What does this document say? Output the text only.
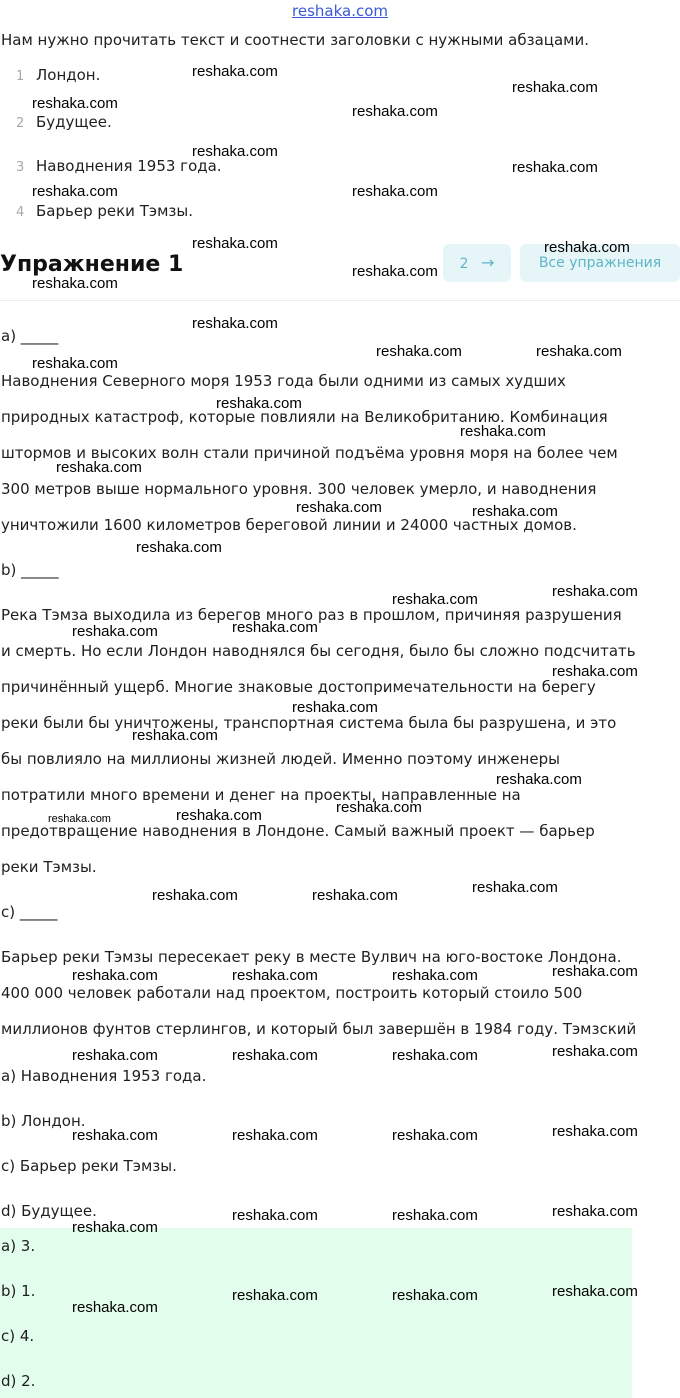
reshaka.com
Нам нужно прочитать текст и соотнести заголовки с нужными абзацами.
1 Лондон.
2 Будущее.
3 Наводнения 1953 года.
4 Барьер реки Тэмзы.
Упражнение 1	2 →	Все упражнения
a) _____
Наводнения Северного моря 1953 года были одними из самых худших
природных катастроф, которые повлияли на Великобританию. Комбинация
штормов и высоких волн стали причиной подъёма уровня моря на более чем
300 метров выше нормального уровня. 300 человек умерло, и наводнения
уничтожили 1600 километров береговой линии и 24000 частных домов.
b) _____
Река Тэмза выходила из берегов много раз в прошлом, причиняя разрушения
и смерть. Но если Лондон наводнялся бы сегодня, было бы сложно подсчитать
причинённый ущерб. Многие знаковые достопримечательности на берегу
реки были бы уничтожены, транспортная система была бы разрушена, и это
бы повлияло на миллионы жизней людей. Именно поэтому инженеры
потратили много времени и денег на проекты, направленные на
предотвращение наводнения в Лондоне. Самый важный проект — барьер
реки Тэмзы.
c) _____
Барьер реки Тэмзы пересекает реку в месте Вулвич на юго-востоке Лондона.
400 000 человек работали над проектом, построить который стоило 500
миллионов фунтов стерлингов, и который был завершён в 1984 году. Тэмзский
a) Наводнения 1953 года.
b) Лондон.
c) Барьер реки Тэмзы.
d) Будущее.
a) 3.
b) 1.
c) 4.
d) 2.
reshaka.com
reshaka.com
reshaka.com	reshaka.com
reshaka.com
reshaka.com
reshaka.com	reshaka.com
reshaka.com	reshaka.com
reshaka.com
reshaka.com
reshaka.com
reshaka.com	reshaka.com
reshaka.com
reshaka.com
reshaka.com
reshaka.com
reshaka.com	reshaka.com
reshaka.com
reshaka.com
reshaka.com
reshaka.com
reshaka.com
reshaka.com
reshaka.com
reshaka.com
reshaka.com
reshaka.com
reshaka.com	reshaka.com
reshaka.com
reshaka.com	reshaka.com
reshaka.com
reshaka.com	reshaka.com	reshaka.com
reshaka.com
reshaka.com	reshaka.com	reshaka.com
reshaka.com
reshaka.com	reshaka.com	reshaka.com
reshaka.com
reshaka.com	reshaka.com
reshaka.com
reshaka.com
reshaka.com	reshaka.com
reshaka.com
